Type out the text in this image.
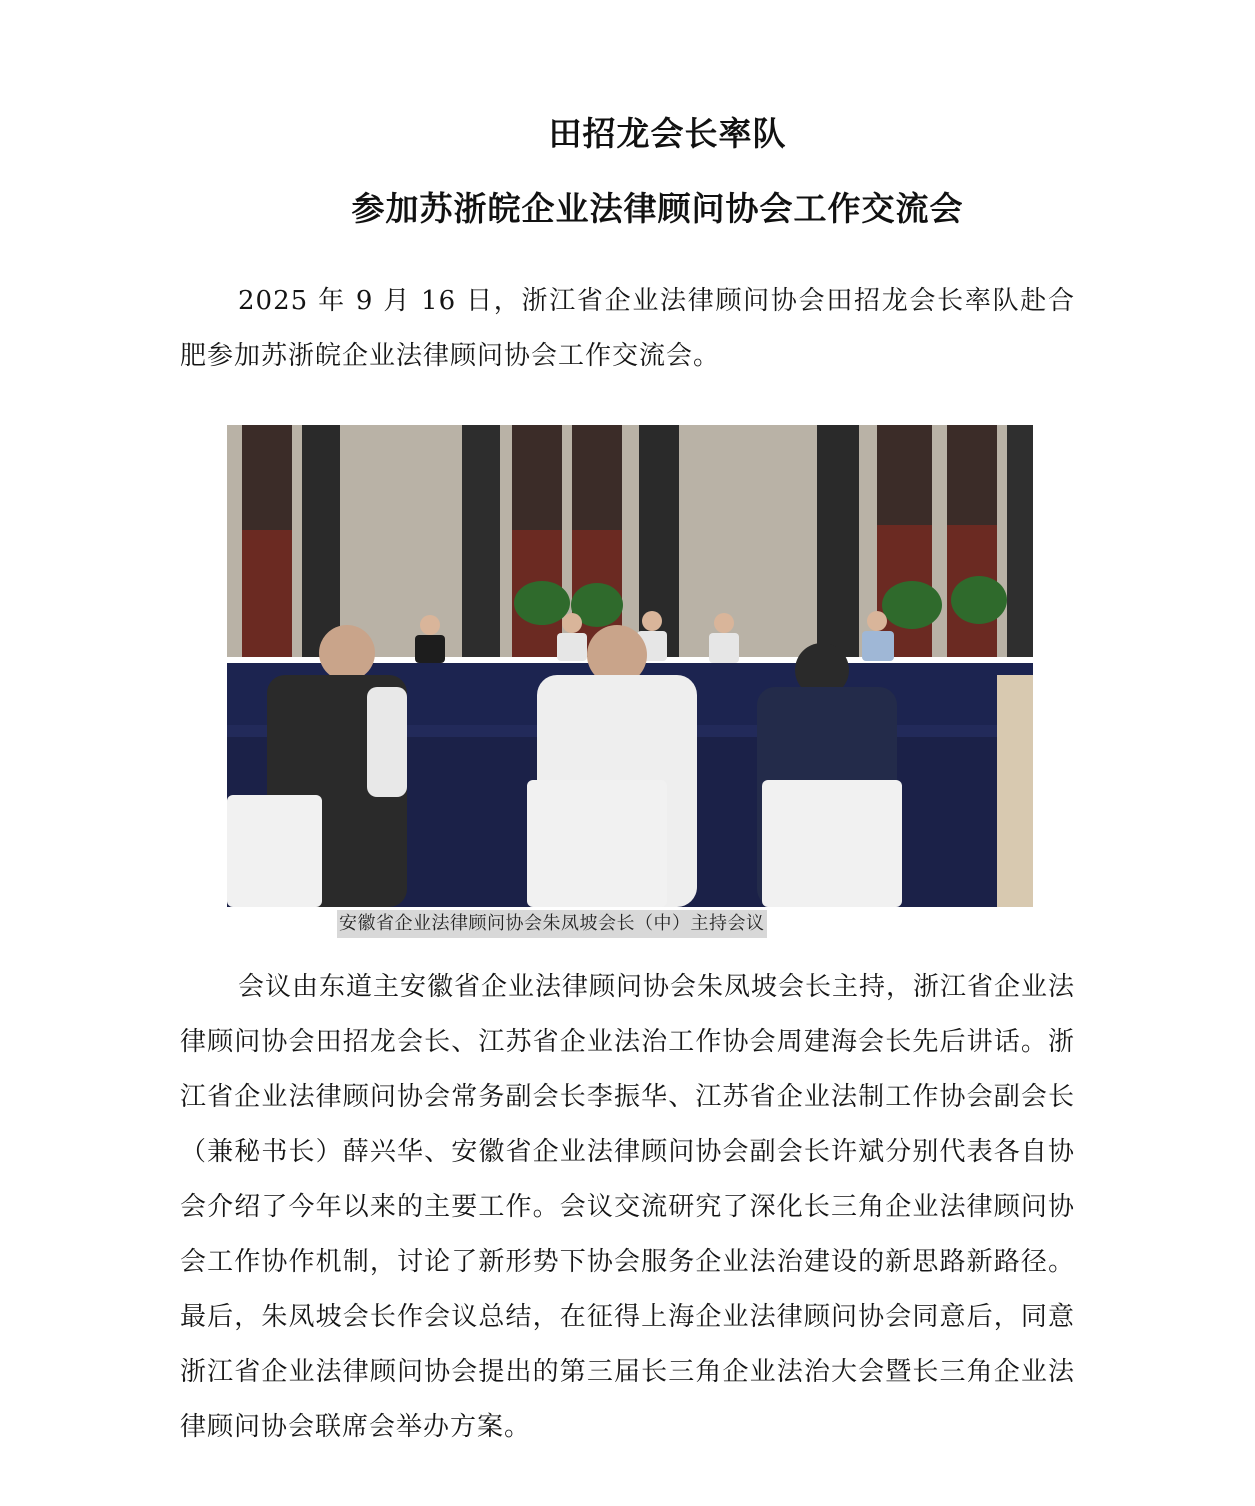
田招龙会长率队
参加苏浙皖企业法律顾问协会工作交流会

2025 年 9 月 16 日，浙江省企业法律顾问协会田招龙会长率队赴合肥参加苏浙皖企业法律顾问协会工作交流会。

安徽省企业法律顾问协会朱凤坡会长（中）主持会议

会议由东道主安徽省企业法律顾问协会朱凤坡会长主持，浙江省企业法律顾问协会田招龙会长、江苏省企业法治工作协会周建海会长先后讲话。浙江省企业法律顾问协会常务副会长李振华、江苏省企业法制工作协会副会长（兼秘书长）薛兴华、安徽省企业法律顾问协会副会长许斌分别代表各自协会介绍了今年以来的主要工作。会议交流研究了深化长三角企业法律顾问协会工作协作机制，讨论了新形势下协会服务企业法治建设的新思路新路径。最后，朱凤坡会长作会议总结，在征得上海企业法律顾问协会同意后，同意浙江省企业法律顾问协会提出的第三届长三角企业法治大会暨长三角企业法律顾问协会联席会举办方案。
